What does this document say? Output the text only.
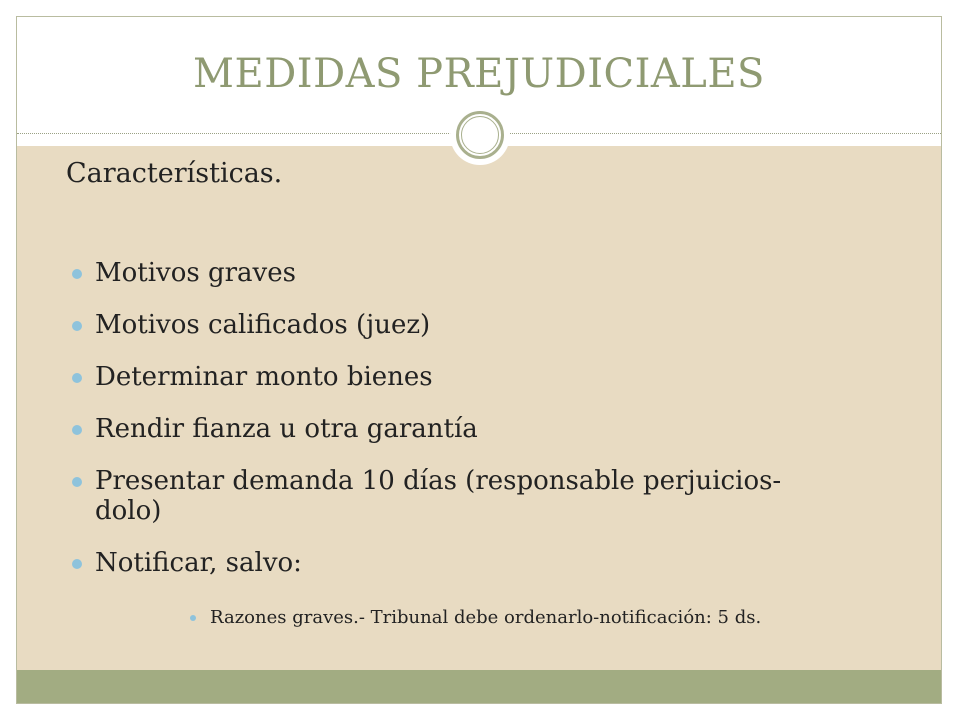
MEDIDAS PREJUDICIALES
Características.
Motivos graves
Motivos calificados (juez)
Determinar monto bienes
Rendir fianza u otra garantía
Presentar demanda 10 días (responsable perjuicios-dolo)
Notificar, salvo:
Razones graves.- Tribunal debe ordenarlo-notificación: 5 ds.
